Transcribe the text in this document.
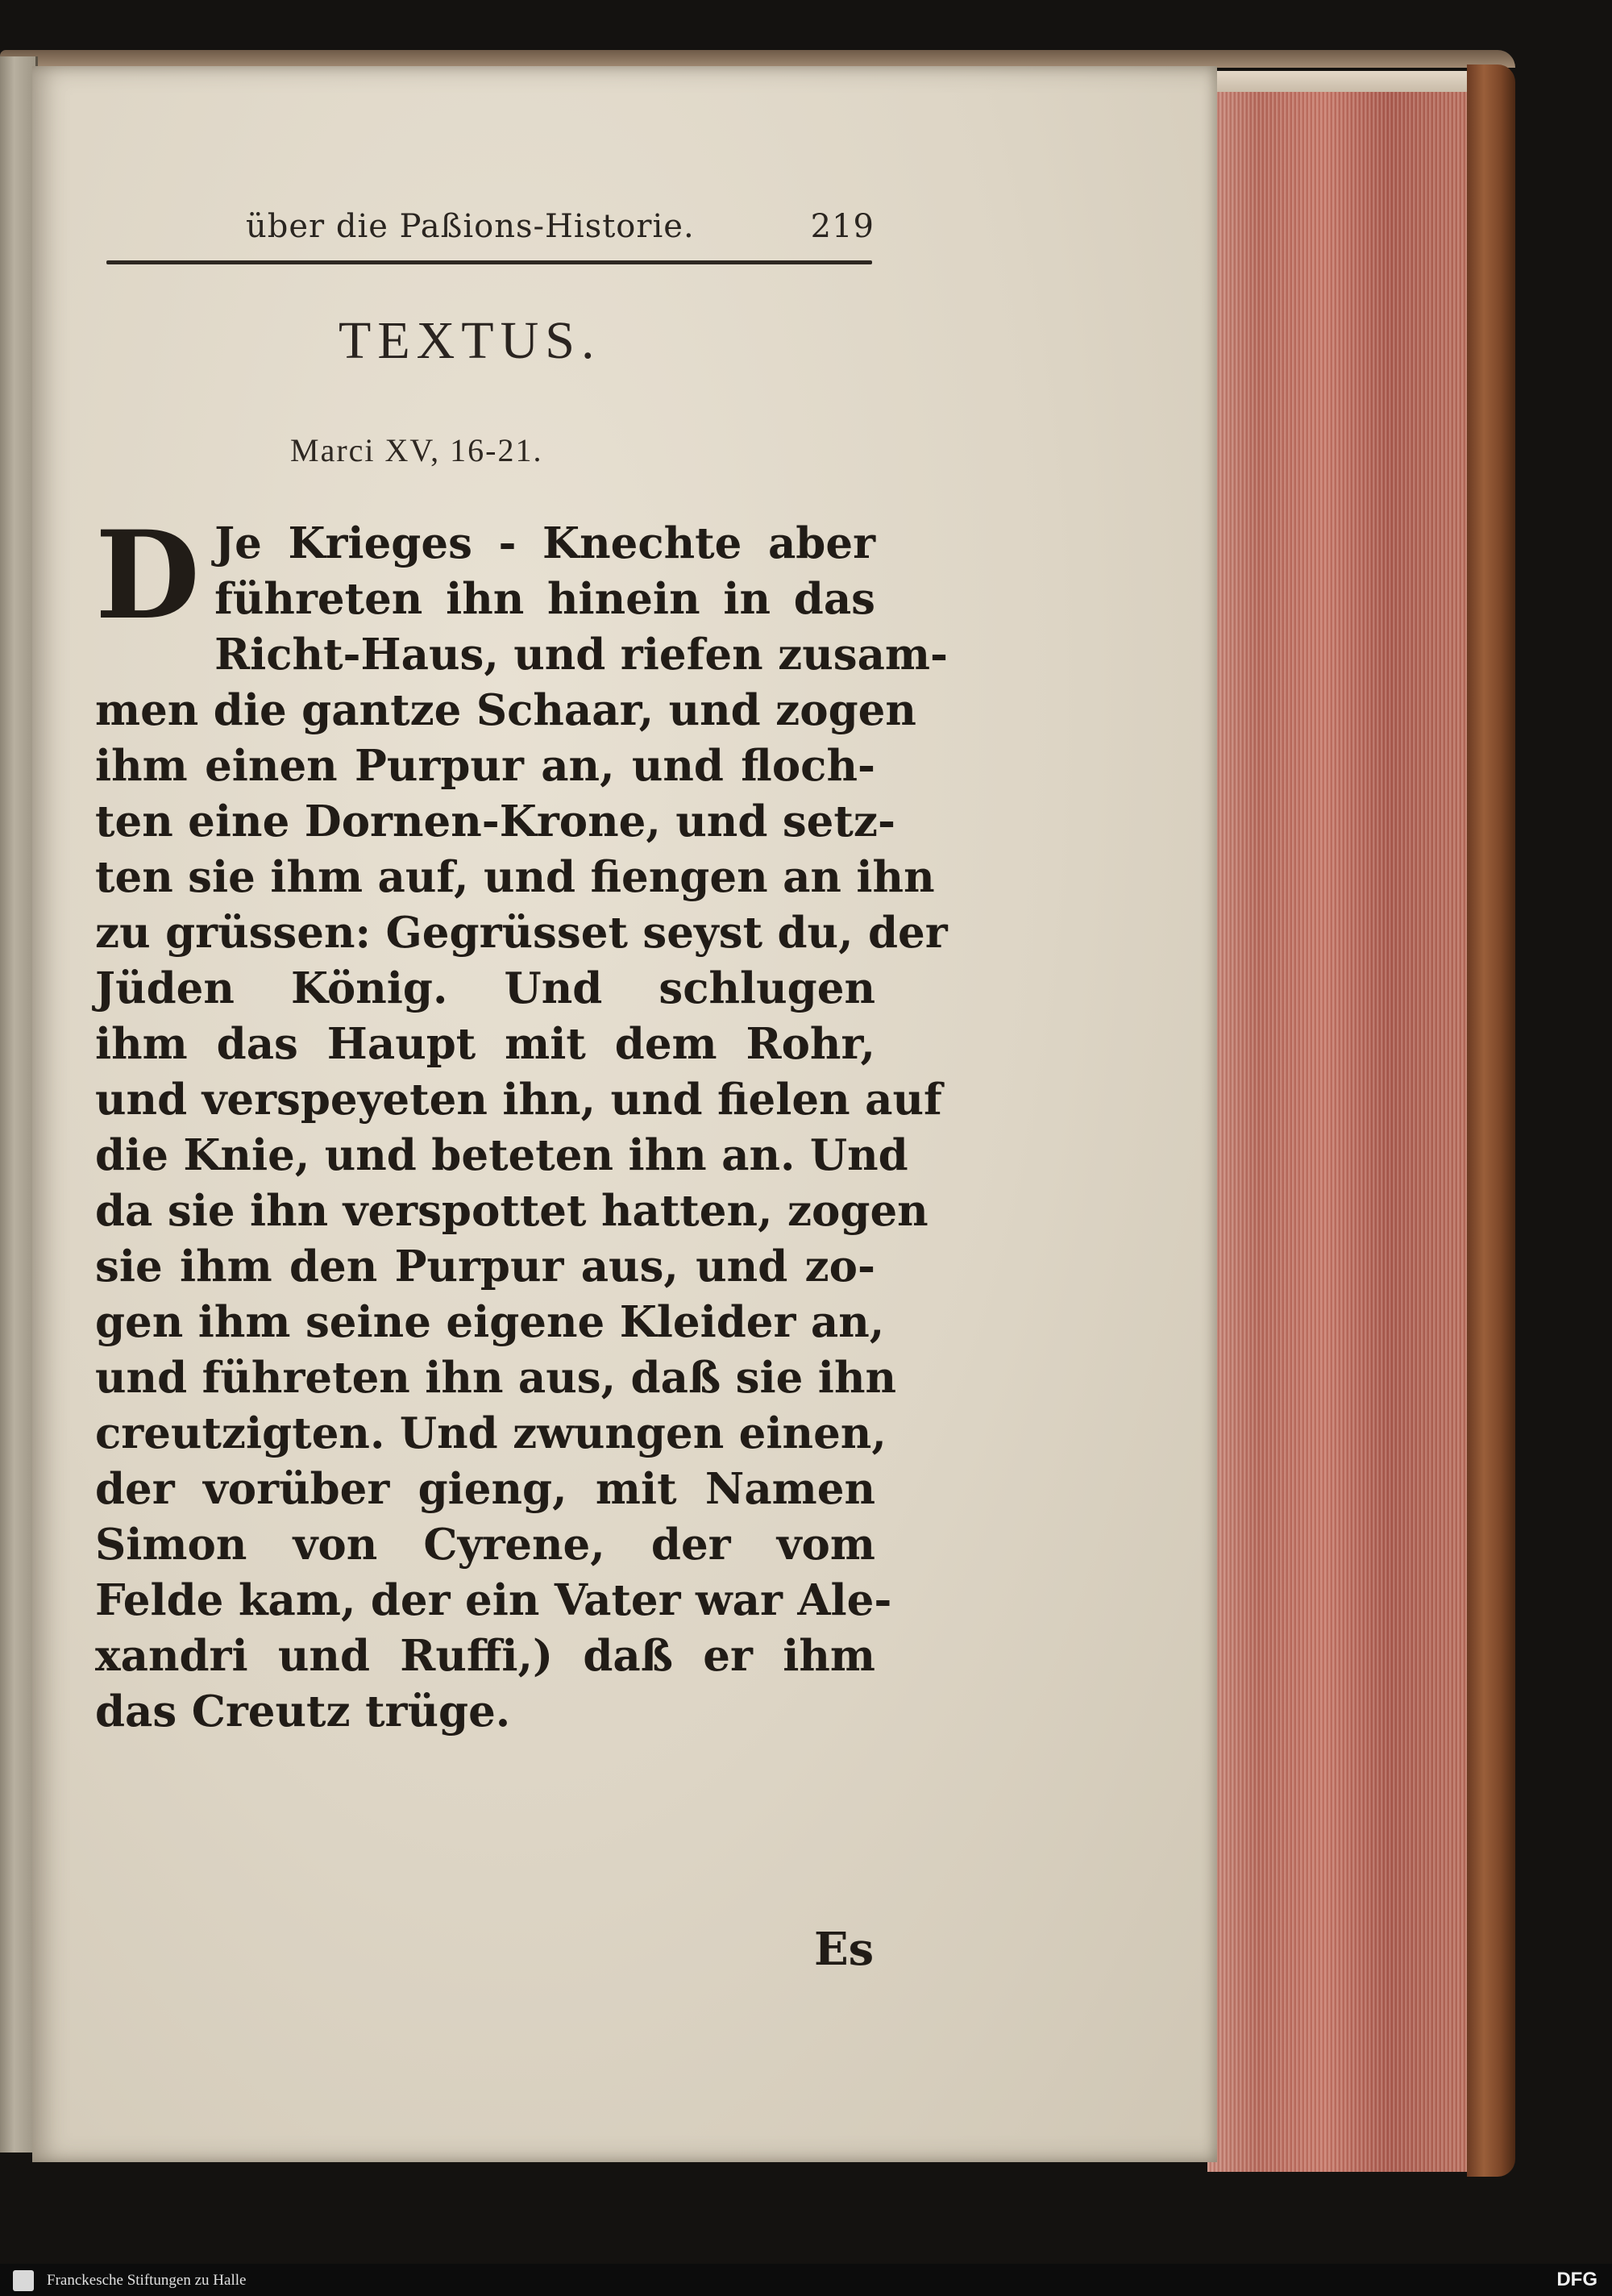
über die Paßions-Historie.	219
TEXTUS.
Marci XV, 16-21.
D Je Krieges - Knechte aber
führeten ihn hinein in das
Richt-Haus, und riefen zusam-
men die gantze Schaar, und zogen
ihm einen Purpur an, und floch-
ten eine Dornen-Krone, und setz-
ten sie ihm auf, und fiengen an ihn
zu grüssen: Gegrüsset seyst du, der
Jüden König. Und schlugen
ihm das Haupt mit dem Rohr,
und verspeyeten ihn, und fielen auf
die Knie, und beteten ihn an. Und
da sie ihn verspottet hatten, zogen
sie ihm den Purpur aus, und zo-
gen ihm seine eigene Kleider an,
und führeten ihn aus, daß sie ihn
creutzigten. Und zwungen einen,
der vorüber gieng, mit Namen
Simon von Cyrene, der vom
Felde kam, der ein Vater war Ale-
xandri und Ruffi,) daß er ihm
das Creutz trüge.
Es
Franckesche Stiftungen zu Halle	DFG
